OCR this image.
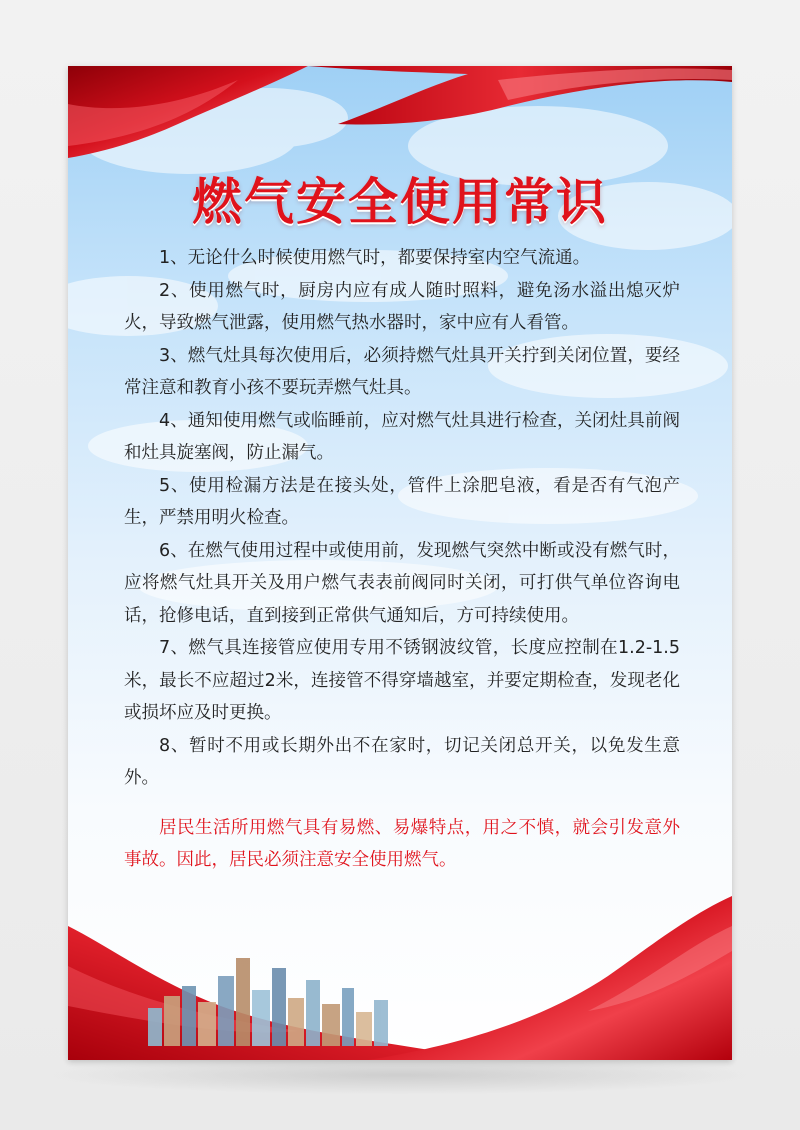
燃气安全使用常识

1、无论什么时候使用燃气时，都要保持室内空气流通。

2、使用燃气时，厨房内应有成人随时照料，避免汤水溢出熄灭炉火，导致燃气泄露，使用燃气热水器时，家中应有人看管。

3、燃气灶具每次使用后，必须持燃气灶具开关拧到关闭位置，要经常注意和教育小孩不要玩弄燃气灶具。

4、通知使用燃气或临睡前，应对燃气灶具进行检查，关闭灶具前阀和灶具旋塞阀，防止漏气。

5、使用检漏方法是在接头处，管件上涂肥皂液，看是否有气泡产生，严禁用明火检查。

6、在燃气使用过程中或使用前，发现燃气突然中断或没有燃气时，应将燃气灶具开关及用户燃气表表前阀同时关闭，可打供气单位咨询电话，抢修电话，直到接到正常供气通知后，方可持续使用。

7、燃气具连接管应使用专用不锈钢波纹管，长度应控制在1.2-1.5米，最长不应超过2米，连接管不得穿墙越室，并要定期检查，发现老化或损坏应及时更换。

8、暂时不用或长期外出不在家时，切记关闭总开关，以免发生意外。

居民生活所用燃气具有易燃、易爆特点，用之不慎，就会引发意外事故。因此，居民必须注意安全使用燃气。
